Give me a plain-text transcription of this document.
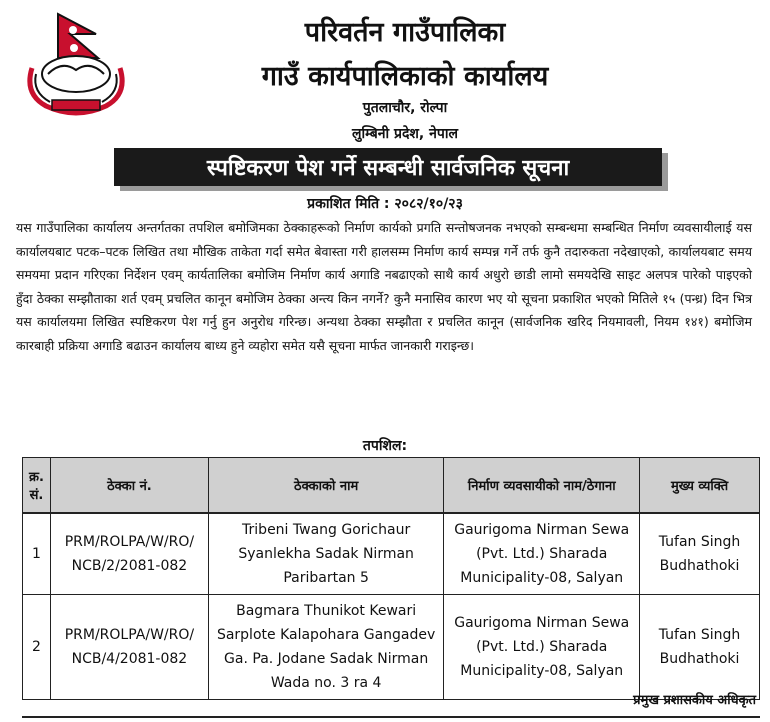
परिवर्तन गाउँपालिका
गाउँ कार्यपालिकाको कार्यालय
पुतलाचौर, रोल्पा
लुम्बिनी प्रदेश, नेपाल
स्पष्टिकरण पेश गर्ने सम्बन्धी सार्वजनिक सूचना
प्रकाशित मिति : २०८२/१०/२३
यस गाउँपालिका कार्यालय अन्तर्गतका तपशिल बमोजिमका ठेक्काहरूको निर्माण कार्यको प्रगति सन्तोषजनक नभएको सम्बन्धमा सम्बन्धित निर्माण व्यवसायीलाई यस कार्यालयबाट पटक–पटक लिखित तथा मौखिक ताकेता गर्दा समेत बेवास्ता गरी हालसम्म निर्माण कार्य सम्पन्न गर्ने तर्फ कुनै तदारुकता नदेखाएको, कार्यालयबाट समय समयमा प्रदान गरिएका निर्देशन एवम् कार्यतालिका बमोजिम निर्माण कार्य अगाडि नबढाएको साथै कार्य अधुरो छाडी लामो समयदेखि साइट अलपत्र पारेको पाइएको हुँदा ठेक्का सम्झौताका शर्त एवम् प्रचलित कानून बमोजिम ठेक्का अन्त्य किन नगर्ने? कुनै मनासिव कारण भए यो सूचना प्रकाशित भएको मितिले १५ (पन्ध्र) दिन भित्र यस कार्यालयमा लिखित स्पष्टिकरण पेश गर्नु हुन अनुरोध गरिन्छ। अन्यथा ठेक्का सम्झौता र प्रचलित कानून (सार्वजनिक खरिद नियमावली, नियम १४१) बमोजिम कारबाही प्रक्रिया अगाडि बढाउन कार्यालय बाध्य हुने व्यहोरा समेत यसै सूचना मार्फत जानकारी गराइन्छ।
तपशिल:
क्र. सं.	ठेक्का नं.	ठेक्काको नाम	निर्माण व्यवसायीको नाम/ठेगाना	मुख्य व्यक्ति
1	PRM/ROLPA/W/RO/ NCB/2/2081-082	Tribeni Twang Gorichaur Syanlekha Sadak Nirman Paribartan 5	Gaurigoma Nirman Sewa (Pvt. Ltd.) Sharada Municipality-08, Salyan	Tufan Singh Budhathoki
2	PRM/ROLPA/W/RO/ NCB/4/2081-082	Bagmara Thunikot Kewari Sarplote Kalapohara Gangadev Ga. Pa. Jodane Sadak Nirman Wada no. 3 ra 4	Gaurigoma Nirman Sewa (Pvt. Ltd.) Sharada Municipality-08, Salyan	Tufan Singh Budhathoki
प्रमुख प्रशासकीय अधिकृत
